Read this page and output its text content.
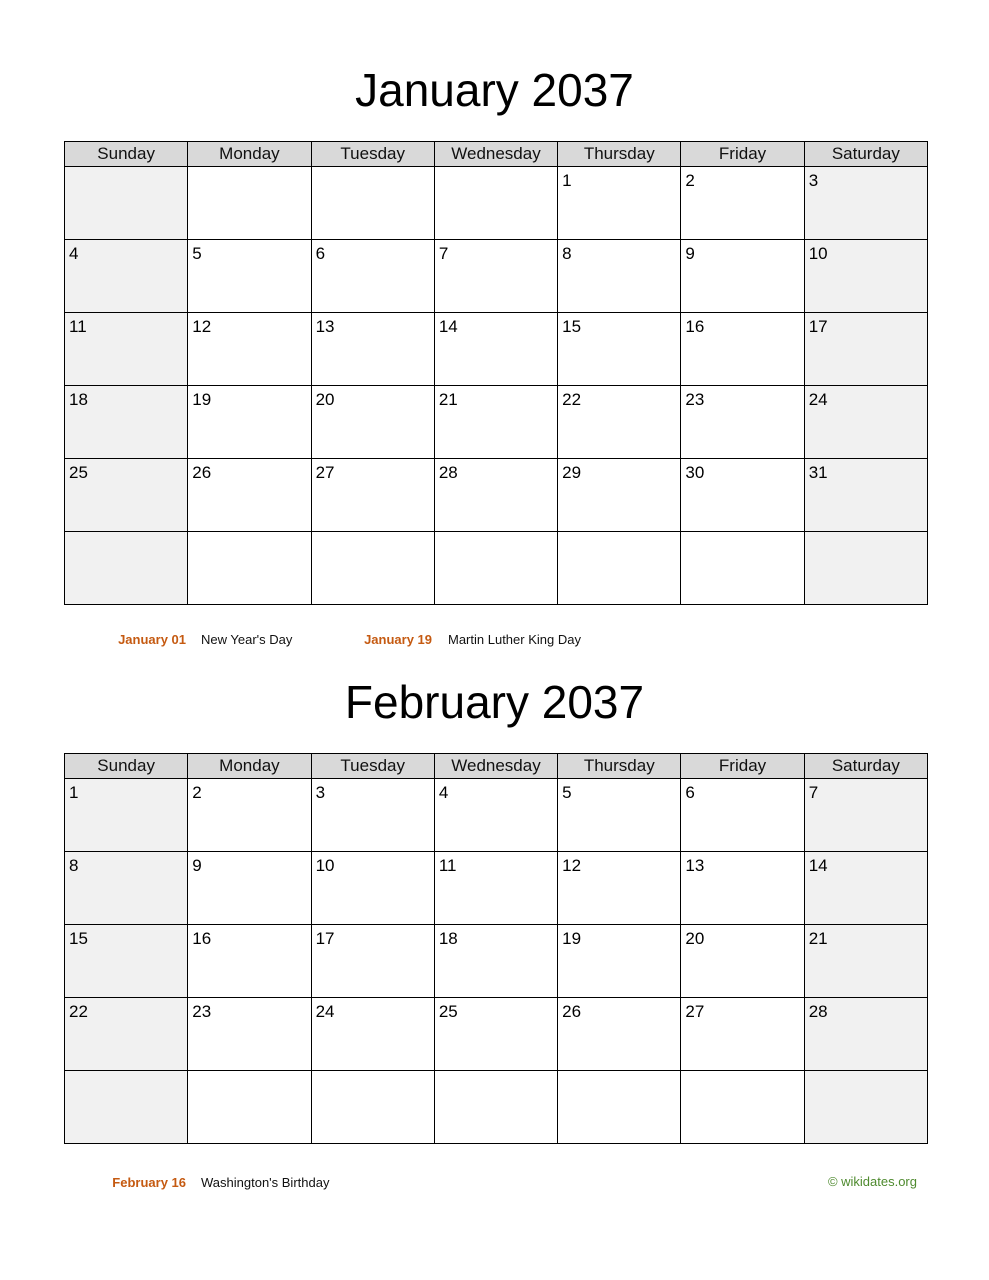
January 2037
Sunday	Monday	Tuesday	Wednesday	Thursday	Friday	Saturday

				1	2	3

4	5	6	7	8	9	10

11	12	13	14	15	16	17

18	19	20	21	22	23	24

25	26	27	28	29	30	31

January 01 New Year's Day	January 19 Martin Luther King Day
February 2037
Sunday	Monday	Tuesday	Wednesday	Thursday	Friday	Saturday

1	2	3	4	5	6	7

8	9	10	11	12	13	14

15	16	17	18	19	20	21

22	23	24	25	26	27	28

February 16 Washington's Birthday	© wikidates.org
